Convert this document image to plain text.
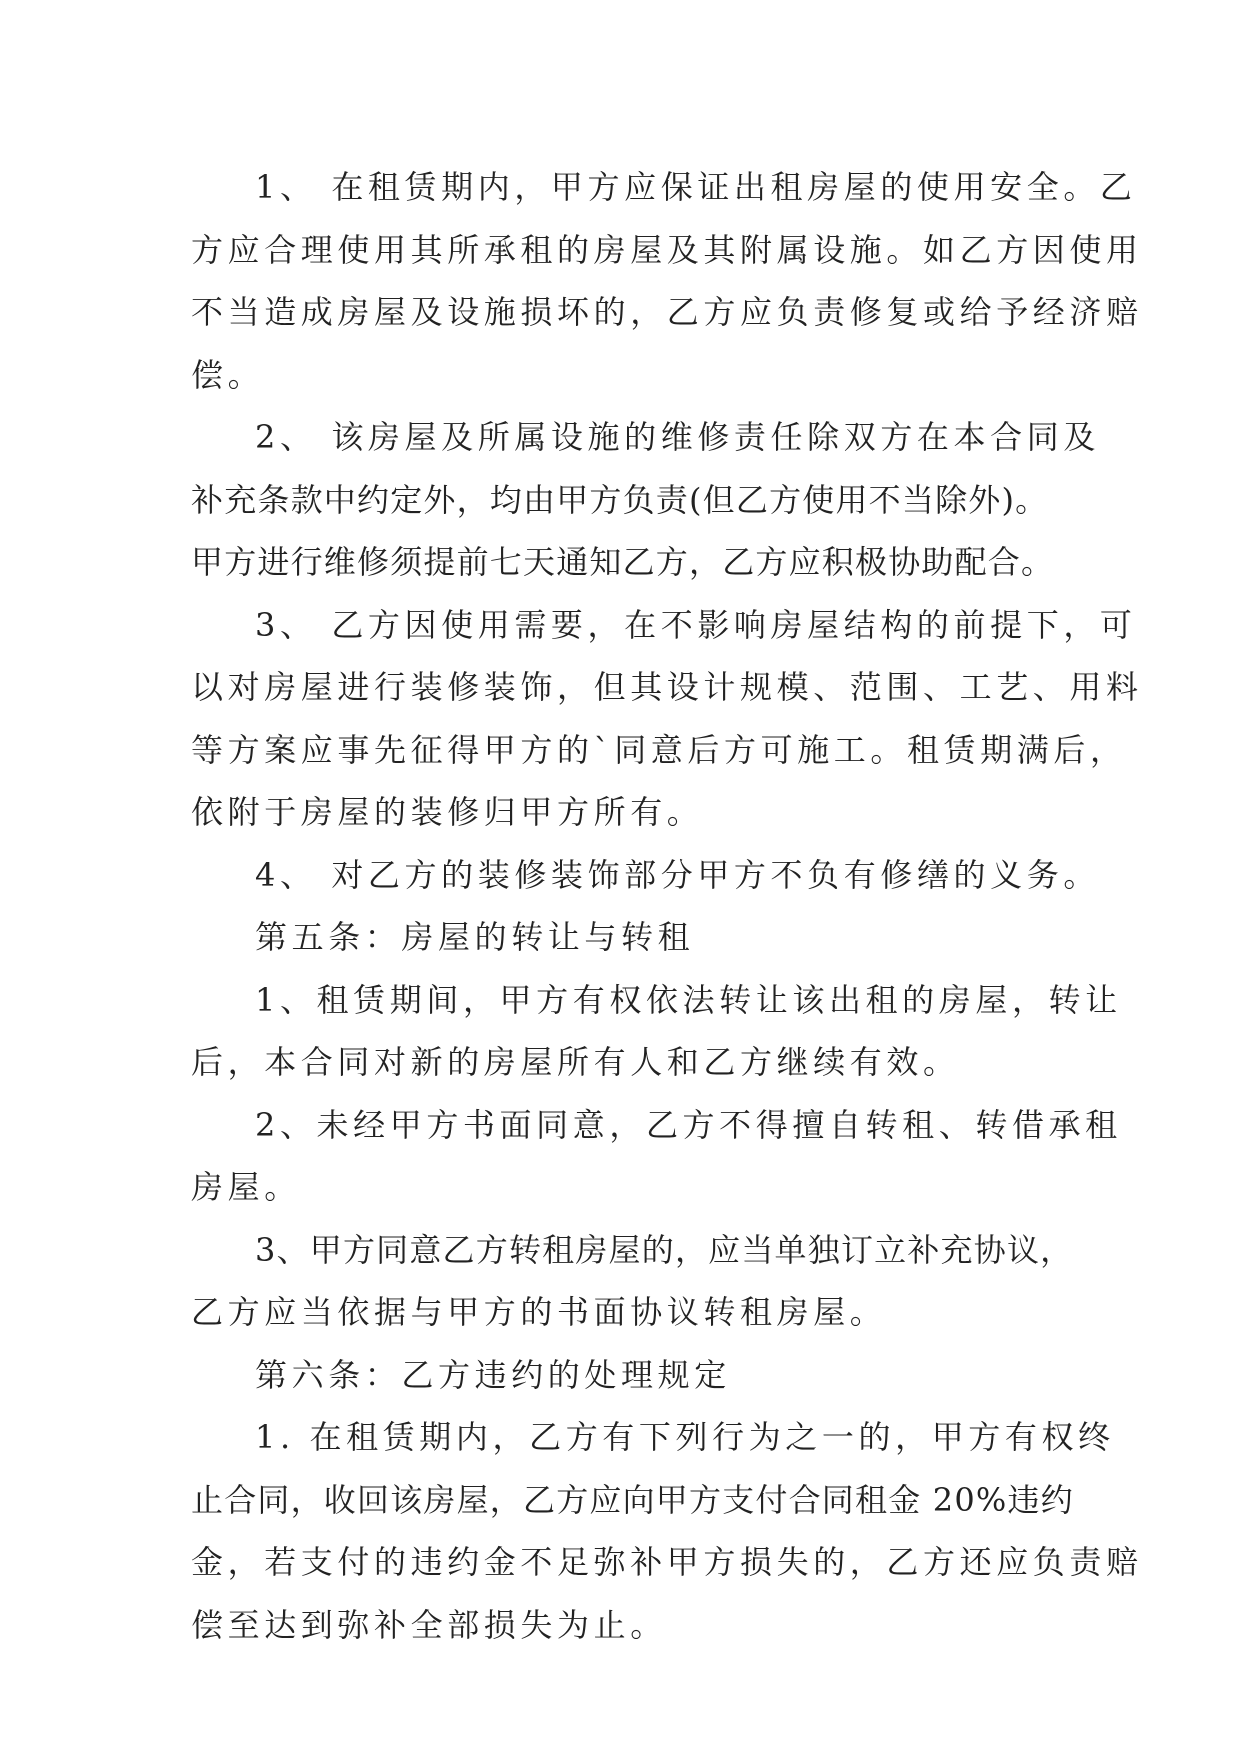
1、 在租赁期内，甲方应保证出租房屋的使用安全。乙
方应合理使用其所承租的房屋及其附属设施。如乙方因使用
不当造成房屋及设施损坏的，乙方应负责修复或给予经济赔
偿。
2、 该房屋及所属设施的维修责任除双方在本合同及
补充条款中约定外，均由甲方负责(但乙方使用不当除外)。
甲方进行维修须提前七天通知乙方，乙方应积极协助配合。
3、 乙方因使用需要，在不影响房屋结构的前提下，可
以对房屋进行装修装饰，但其设计规模、范围、工艺、用料
等方案应事先征得甲方的`同意后方可施工。租赁期满后，
依附于房屋的装修归甲方所有。
4、 对乙方的装修装饰部分甲方不负有修缮的义务。
第五条：房屋的转让与转租
1、租赁期间，甲方有权依法转让该出租的房屋，转让
后，本合同对新的房屋所有人和乙方继续有效。
2、未经甲方书面同意，乙方不得擅自转租、转借承租
房屋。
3、甲方同意乙方转租房屋的，应当单独订立补充协议，
乙方应当依据与甲方的书面协议转租房屋。
第六条：乙方违约的处理规定
1. 在租赁期内，乙方有下列行为之一的，甲方有权终
止合同，收回该房屋，乙方应向甲方支付合同租金 20%违约
金，若支付的违约金不足弥补甲方损失的，乙方还应负责赔
偿至达到弥补全部损失为止。
